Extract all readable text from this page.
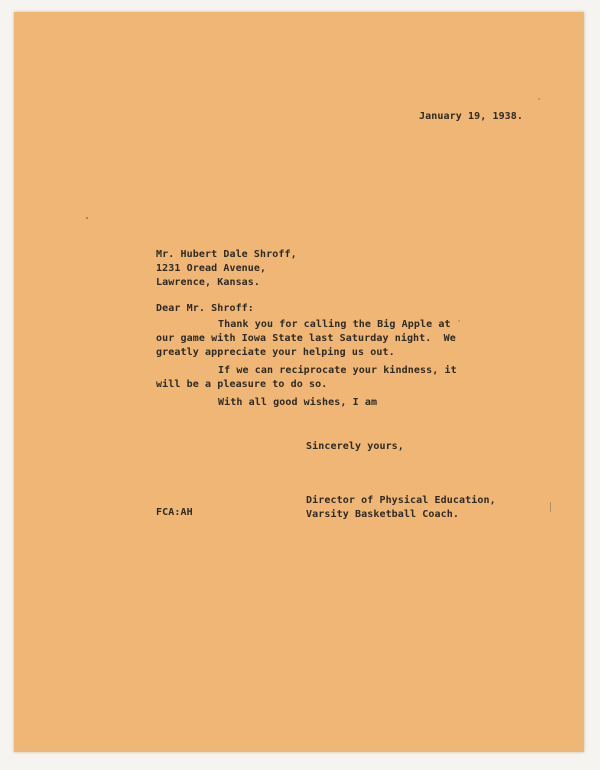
January 19, 1938.
Mr. Hubert Dale Shroff,
1231 Oread Avenue,
Lawrence, Kansas.
Dear Mr. Shroff:
Thank you for calling the Big Apple at
our game with Iowa State last Saturday night.  We
greatly appreciate your helping us out.
If we can reciprocate your kindness, it
will be a pleasure to do so.
With all good wishes, I am
Sincerely yours,
Director of Physical Education,
Varsity Basketball Coach.
FCA:AH
